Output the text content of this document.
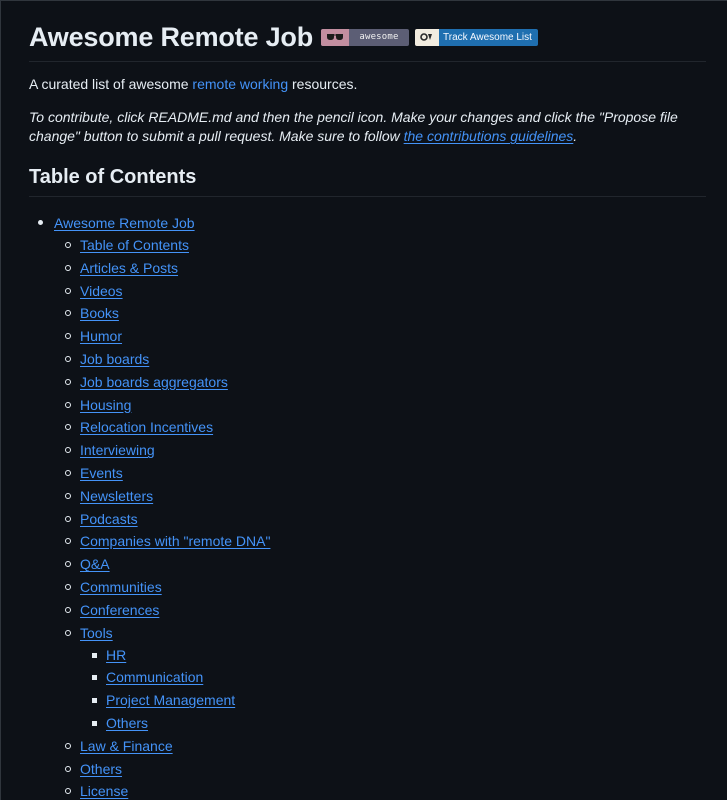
Awesome Remote Job	awesome	Track Awesome List

A curated list of awesome remote working resources.

To contribute, click README.md and then the pencil icon. Make your changes and click the "Propose file change" button to submit a pull request. Make sure to follow the contributions guidelines.

Table of Contents
Awesome Remote Job
Table of Contents
Articles & Posts
Videos
Books
Humor
Job boards
Job boards aggregators
Housing
Relocation Incentives
Interviewing
Events
Newsletters
Podcasts
Companies with "remote DNA"
Q&A
Communities
Conferences
Tools
HR
Communication
Project Management
Others
Law & Finance
Others
License
